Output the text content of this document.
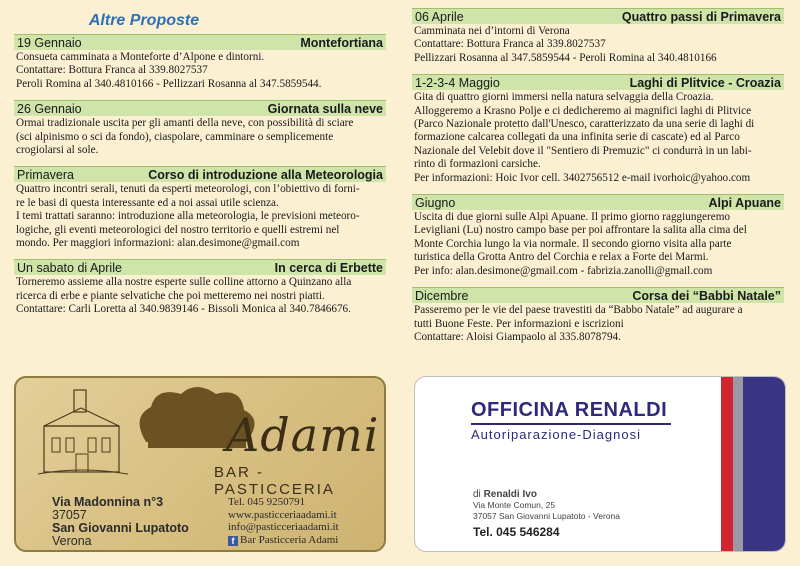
Altre Proposte
19 Gennaio	Montefortiana

Consueta camminata a Monteforte d’Alpone e dintorni.

Contattare: Bottura Franca al 339.8027537

Peroli Romina al 340.4810166 - Pellizzari Rosanna al 347.5859544.

26 Gennaio	Giornata sulla neve

Ormai tradizionale uscita per gli amanti della neve, con possibilità di sciare

(sci alpinismo o sci da fondo), ciaspolare, camminare o semplicemente

crogiolarsi al sole.

Primavera	Corso di introduzione alla Meteorologia

Quattro incontri serali, tenuti da esperti meteorologi, con l’obiettivo di forni-

re le basi di questa interessante ed a noi assai utile scienza.

I temi trattati saranno: introduzione alla meteorologia, le previsioni meteoro-

logiche, gli eventi meteorologici del nostro territorio e quelli estremi nel

mondo. Per maggiori informazioni: alan.desimone@gmail.com

Un sabato di Aprile	In cerca di Erbette

Torneremo assieme alla nostre esperte sulle colline attorno a Quinzano alla

ricerca di erbe e piante selvatiche che poi metteremo nei nostri piatti.

Contattare: Carli Loretta al 340.9839146 - Bissoli Monica al 340.7846676.

06 Aprile	Quattro passi di Primavera

Camminata nei d’intorni di Verona

Contattare: Bottura Franca al 339.8027537

Pellizzari Rosanna al 347.5859544 - Peroli Romina al 340.4810166

1-2-3-4 Maggio	Laghi di Plitvice - Croazia

Gita di quattro giorni immersi nella natura selvaggia della Croazia.

Alloggeremo a Krasno Polje e ci dedicheremo ai magnifici laghi di Plitvice

(Parco Nazionale protetto dall'Unesco, caratterizzato da una serie di laghi di

formazione calcarea collegati da una infinita serie di cascate) ed al Parco

Nazionale del Velebit dove il "Sentiero di Premuzic" ci condurrà in un labi-

rinto di formazioni carsiche.

Per informazioni: Hoic Ivor cell. 3402756512 e-mail ivorhoic@yahoo.com

Giugno	Alpi Apuane

Uscita di due giorni sulle Alpi Apuane. Il primo giorno raggiungeremo

Levigliani (Lu) nostro campo base per poi affrontare la salita alla cima del

Monte Corchia lungo la via normale. Il secondo giorno visita alla parte

turistica della Grotta Antro del Corchia e relax a Forte dei Marmi.

Per info: alan.desimone@gmail.com - fabrizia.zanolli@gmail.com

Dicembre	Corsa dei “Babbi Natale”

Passeremo per le vie del paese travestiti da “Babbo Natale” ad augurare a

tutti Buone Feste. Per informazioni e iscrizioni

Contattare: Aloisi Giampaolo al 335.8078794.

Adami
BAR - PASTICCERIA
Via Madonnina n°3
37057
San Giovanni Lupatoto
Verona
Tel. 045 9250791
www.pasticceriaadami.it
info@pasticceriaadami.it
f Bar Pasticceria Adami
OFFICINA RENALDI
Autoriparazione-Diagnosi
di Renaldi Ivo
Via Monte Comun, 25
37057 San Giovanni Lupatoto - Verona
Tel. 045 546284
